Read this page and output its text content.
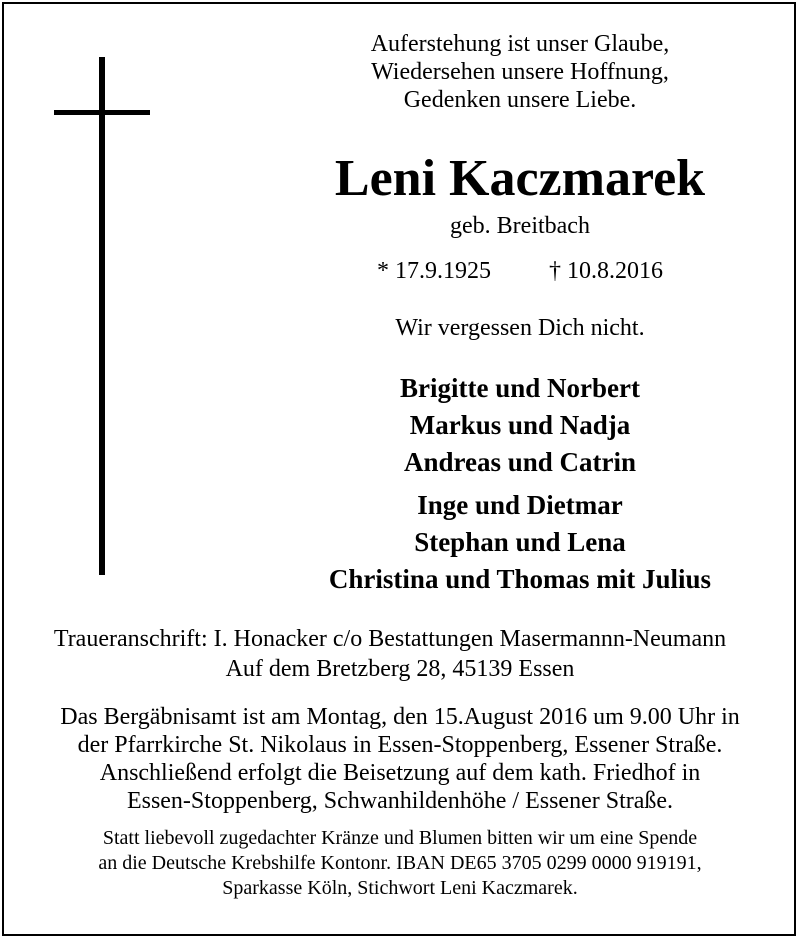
Auferstehung ist unser Glaube,
Wiedersehen unsere Hoffnung,
Gedenken unsere Liebe.
Leni Kaczmarek
geb. Breitbach
* 17.9.1925 † 10.8.2016
Wir vergessen Dich nicht.
Brigitte und Norbert
Markus und Nadja
Andreas und Catrin
Inge und Dietmar
Stephan und Lena
Christina und Thomas mit Julius
Traueranschrift: I. Honacker c/o Bestattungen Masermannn-Neumann
Auf dem Bretzberg 28, 45139 Essen
Das Bergäbnisamt ist am Montag, den 15.August 2016 um 9.00 Uhr in
der Pfarrkirche St. Nikolaus in Essen-Stoppenberg, Essener Straße.
Anschließend erfolgt die Beisetzung auf dem kath. Friedhof in
Essen-Stoppenberg, Schwanhildenhöhe / Essener Straße.
Statt liebevoll zugedachter Kränze und Blumen bitten wir um eine Spende
an die Deutsche Krebshilfe Kontonr. IBAN DE65 3705 0299 0000 919191,
Sparkasse Köln, Stichwort Leni Kaczmarek.
